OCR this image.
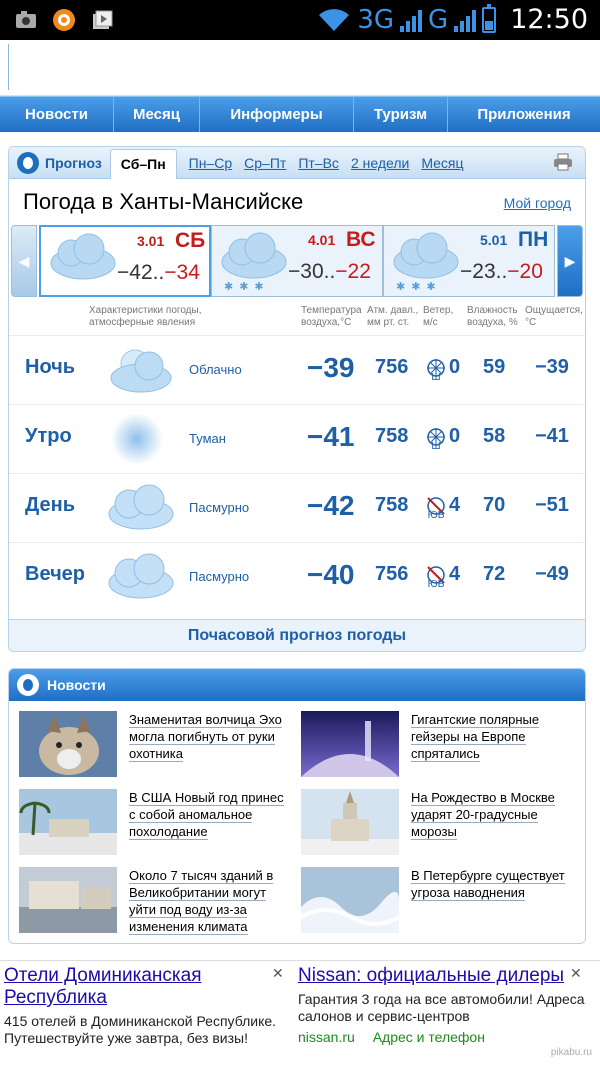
3G G 12:50
Новости	Месяц	Информеры	Туризм	Приложения
Прогноз	Сб–Пн	Пн–Ср Ср–Пт Пт–Вс 2 недели Месяц
Погода в Ханты-Мансийске	Мой город
◀
3.01 СБ
−42..−34
✱✱✱
4.01 ВС
−30..−22
✱✱✱
5.01 ПН
−23..−20 ▶
Характеристики погоды,
атмосферные явления
Температура
воздуха,°C
Атм. давл.,
мм рт. ст.
Ветер,
м/с
Влажность
воздуха, %
Ощущается,
°C
Ночь	Облачно −39 756	Ш 0 59 −39
Утро	Туман	−41 758	Ш 0 58 −41
День	Пасмурно −42 758 ЮВ 4 70 −51
Вечер	Пасмурно −40 756 ЮВ 4 72 −49
Почасовой прогноз погоды
Новости
Знаменитая волчица Эхо могла погибнуть от руки охотника
Гигантские полярные гейзеры на Европе спрятались
В США Новый год принес с собой аномальное похолодание
На Рождество в Москве ударят 20-градусные морозы
Около 7 тысяч зданий в Великобритании могут уйти под воду из-за изменения климата
В Петербурге существует угроза наводнения
Отели Доминиканская Республика
415 отелей в Доминиканской Республике. Путешествуйте уже завтра, без визы!
✕ Nissan: официальные дилеры
Гарантия 3 года на все автомобили! Адреса салонов и сервис-центров
nissan.ru Адрес и телефон
✕
pikabu.ru
